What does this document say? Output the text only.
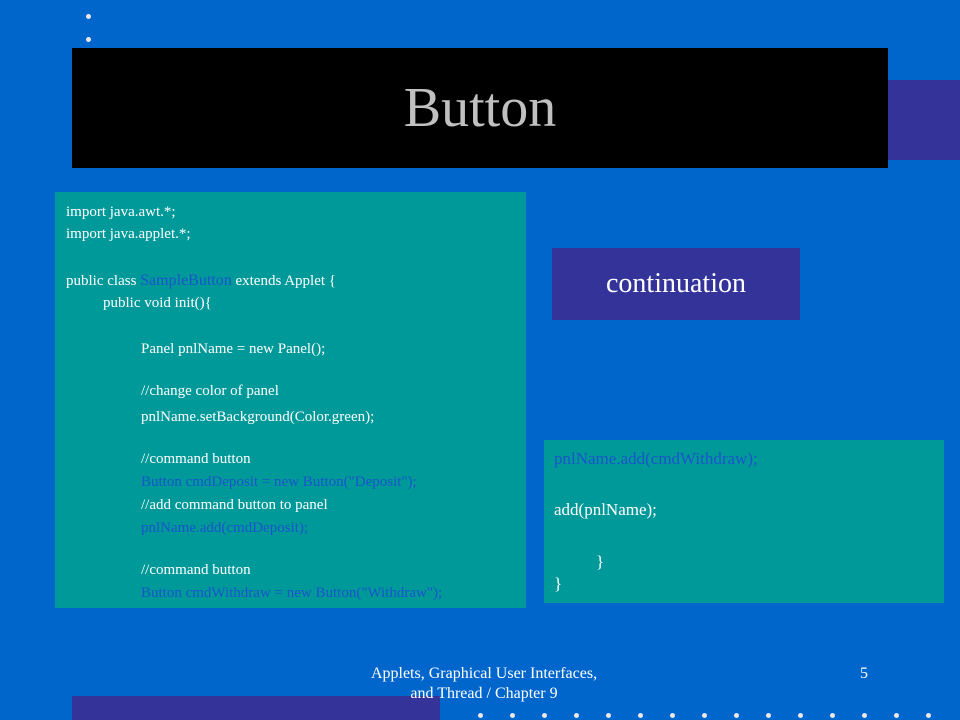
Button
import java.awt.*;
import java.applet.*;
public class SampleButton extends Applet {
public void init(){
Panel pnlName = new Panel();
//change color of panel
pnlName.setBackground(Color.green);
//command button
Button cmdDeposit = new Button("Deposit");
//add command button to panel
pnlName.add(cmdDeposit);
//command button
Button cmdWithdraw = new Button("Withdraw");
continuation
pnlName.add(cmdWithdraw);
add(pnlName);
}
}
Applets, Graphical User Interfaces,
and Thread / Chapter 9
5
